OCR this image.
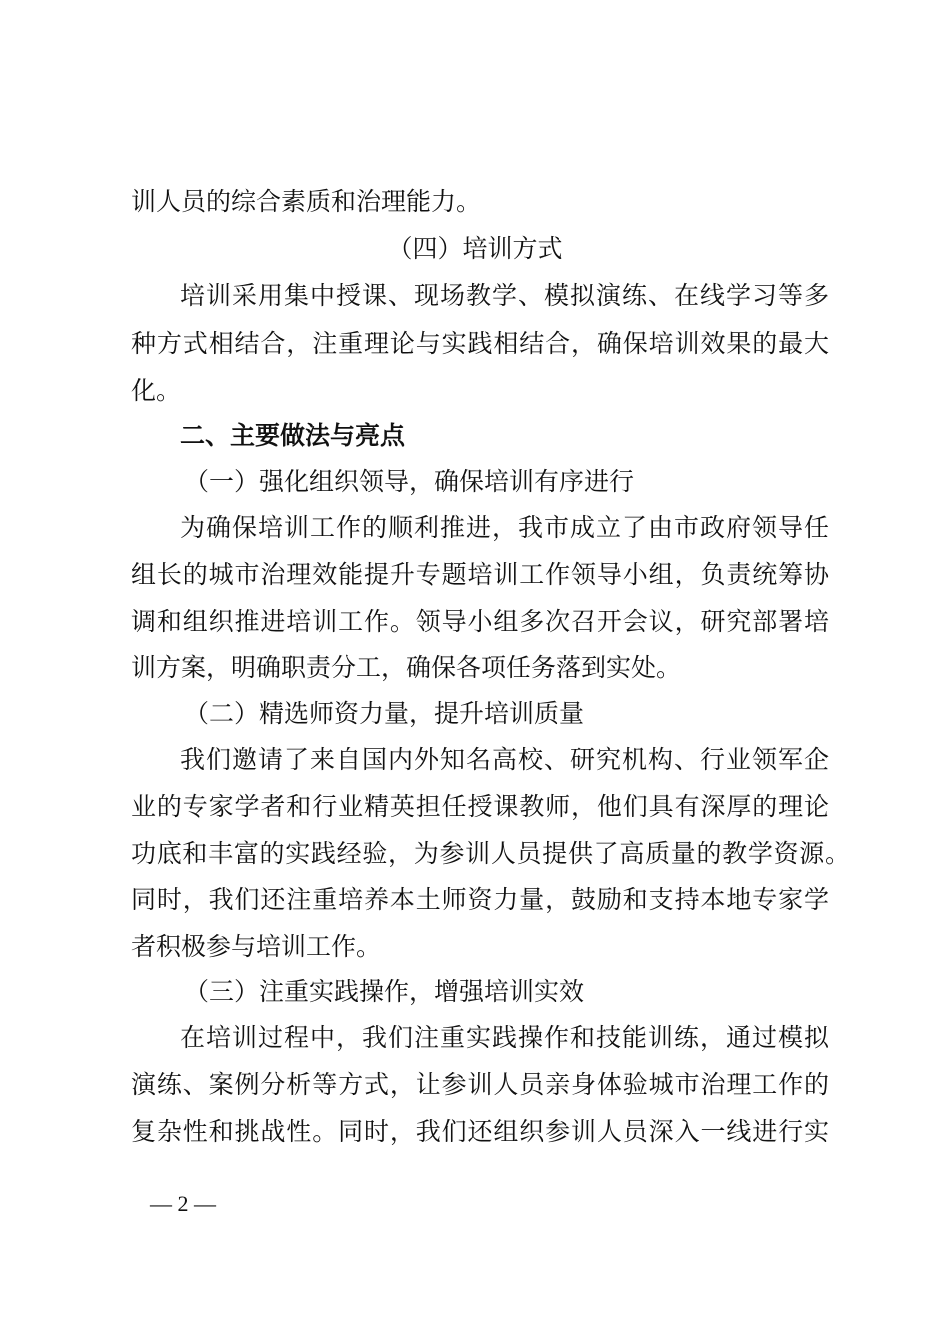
训人员的综合素质和治理能力。
（四）培训方式
培训采用集中授课、现场教学、模拟演练、在线学习等多
种方式相结合，注重理论与实践相结合，确保培训效果的最大
化。
二、主要做法与亮点
（一）强化组织领导，确保培训有序进行
为确保培训工作的顺利推进，我市成立了由市政府领导任
组长的城市治理效能提升专题培训工作领导小组，负责统筹协
调和组织推进培训工作。领导小组多次召开会议，研究部署培
训方案，明确职责分工，确保各项任务落到实处。
（二）精选师资力量，提升培训质量
我们邀请了来自国内外知名高校、研究机构、行业领军企
业的专家学者和行业精英担任授课教师，他们具有深厚的理论
功底和丰富的实践经验，为参训人员提供了高质量的教学资源。
同时，我们还注重培养本土师资力量，鼓励和支持本地专家学
者积极参与培训工作。
（三）注重实践操作，增强培训实效
在培训过程中，我们注重实践操作和技能训练，通过模拟
演练、案例分析等方式，让参训人员亲身体验城市治理工作的
复杂性和挑战性。同时，我们还组织参训人员深入一线进行实
— 2 —
